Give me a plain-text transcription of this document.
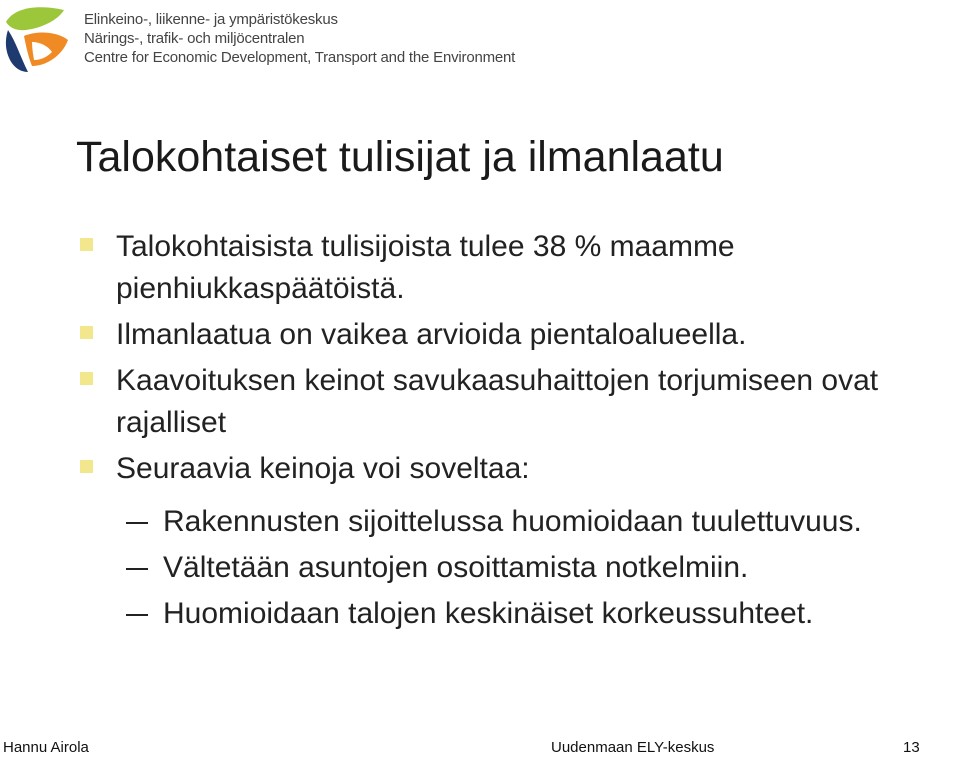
Elinkeino-, liikenne- ja ympäristökeskus
Närings-, trafik- och miljöcentralen
Centre for Economic Development, Transport and the Environment
Talokohtaiset tulisijat ja ilmanlaatu
Talokohtaisista tulisijoista tulee 38 % maamme pienhiukkaspäätöistä.
Ilmanlaatua on vaikea arvioida pientaloalueella.
Kaavoituksen keinot savukaasuhaittojen torjumiseen ovat rajalliset
Seuraavia keinoja voi soveltaa:
Rakennusten sijoittelussa huomioidaan tuulettuvuus.
Vältetään asuntojen osoittamista notkelmiin.
Huomioidaan talojen keskinäiset korkeussuhteet.
Hannu Airola	Uudenmaan ELY-keskus	13
